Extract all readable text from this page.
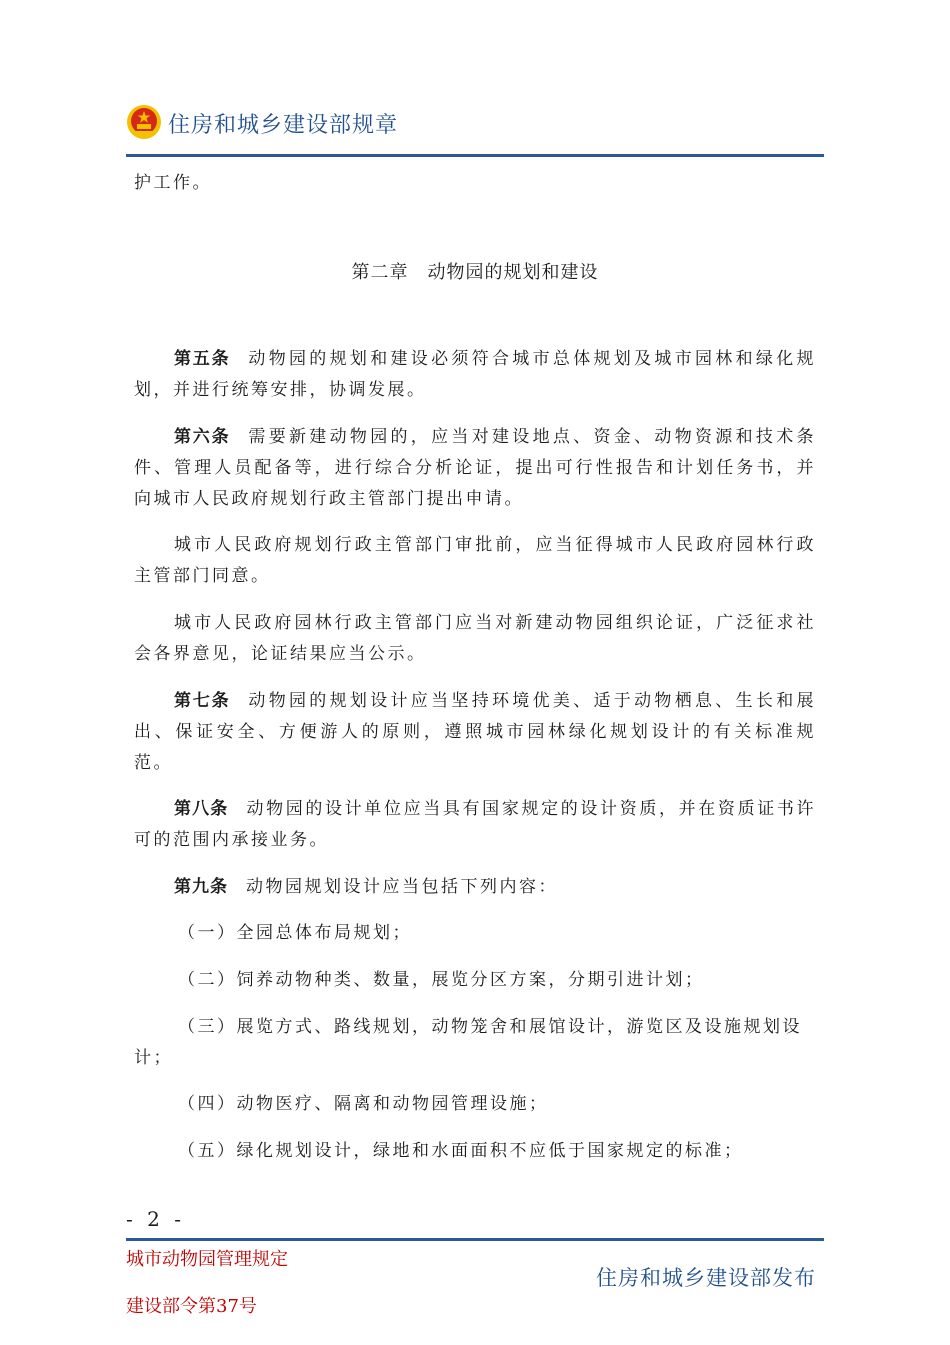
住房和城乡建设部规章
护工作。
第二章　动物园的规划和建设
第五条 动物园的规划和建设必须符合城市总体规划及城市园林和绿化规划，并进行统筹安排，协调发展。
第六条 需要新建动物园的，应当对建设地点、资金、动物资源和技术条件、管理人员配备等，进行综合分析论证，提出可行性报告和计划任务书，并向城市人民政府规划行政主管部门提出申请。
城市人民政府规划行政主管部门审批前，应当征得城市人民政府园林行政主管部门同意。
城市人民政府园林行政主管部门应当对新建动物园组织论证，广泛征求社会各界意见，论证结果应当公示。
第七条 动物园的规划设计应当坚持环境优美、适于动物栖息、生长和展出、保证安全、方便游人的原则，遵照城市园林绿化规划设计的有关标准规范。
第八条 动物园的设计单位应当具有国家规定的设计资质，并在资质证书许可的范围内承接业务。
第九条 动物园规划设计应当包括下列内容：
（一）全园总体布局规划；
（二）饲养动物种类、数量，展览分区方案，分期引进计划；
（三）展览方式、路线规划，动物笼舍和展馆设计，游览区及设施规划设计；
（四）动物医疗、隔离和动物园管理设施；
（五）绿化规划设计，绿地和水面面积不应低于国家规定的标准；
- 2 -
城市动物园管理规定
建设部令第37号
住房和城乡建设部发布
